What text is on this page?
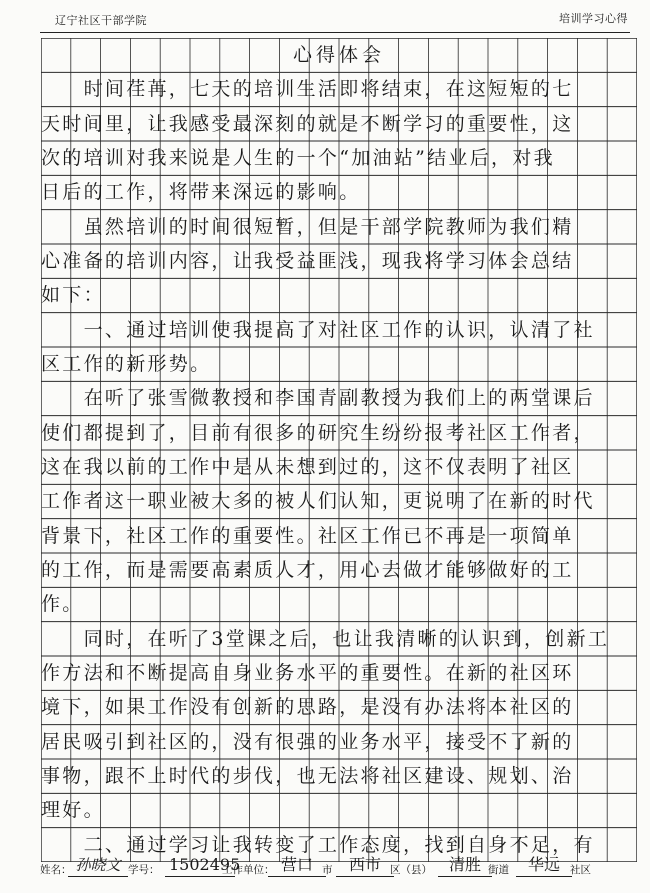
辽宁社区干部学院	培训学习心得
心得体会
　　时间荏苒，七天的培训生活即将结束，在这短短的七
天时间里，让我感受最深刻的就是不断学习的重要性，这
次的培训对我来说是人生的一个“加油站”结业后，对我
日后的工作，将带来深远的影响。
　　虽然培训的时间很短暂，但是干部学院教师为我们精
心准备的培训内容，让我受益匪浅，现我将学习体会总结
如下：
　　一、通过培训使我提高了对社区工作的认识，认清了社
区工作的新形势。
　　在听了张雪微教授和李国青副教授为我们上的两堂课后
使们都提到了，目前有很多的研究生纷纷报考社区工作者，
这在我以前的工作中是从未想到过的，这不仅表明了社区
工作者这一职业被大多的被人们认知，更说明了在新的时代
背景下，社区工作的重要性。社区工作已不再是一项简单
的工作，而是需要高素质人才，用心去做才能够做好的工
作。
　　同时，在听了3堂课之后，也让我清晰的认识到，创新工
作方法和不断提高自身业务水平的重要性。在新的社区环
境下，如果工作没有创新的思路，是没有办法将本社区的
居民吸引到社区的，没有很强的业务水平，接受不了新的
事物，跟不上时代的步伐，也无法将社区建设、规划、治
理好。
　　二、通过学习让我转变了工作态度，找到自身不足，有
姓名： 孙晓文 学号： 1502495
工作单位： 营口 市	西市 区（县）	清胜 街道	华远 社区
